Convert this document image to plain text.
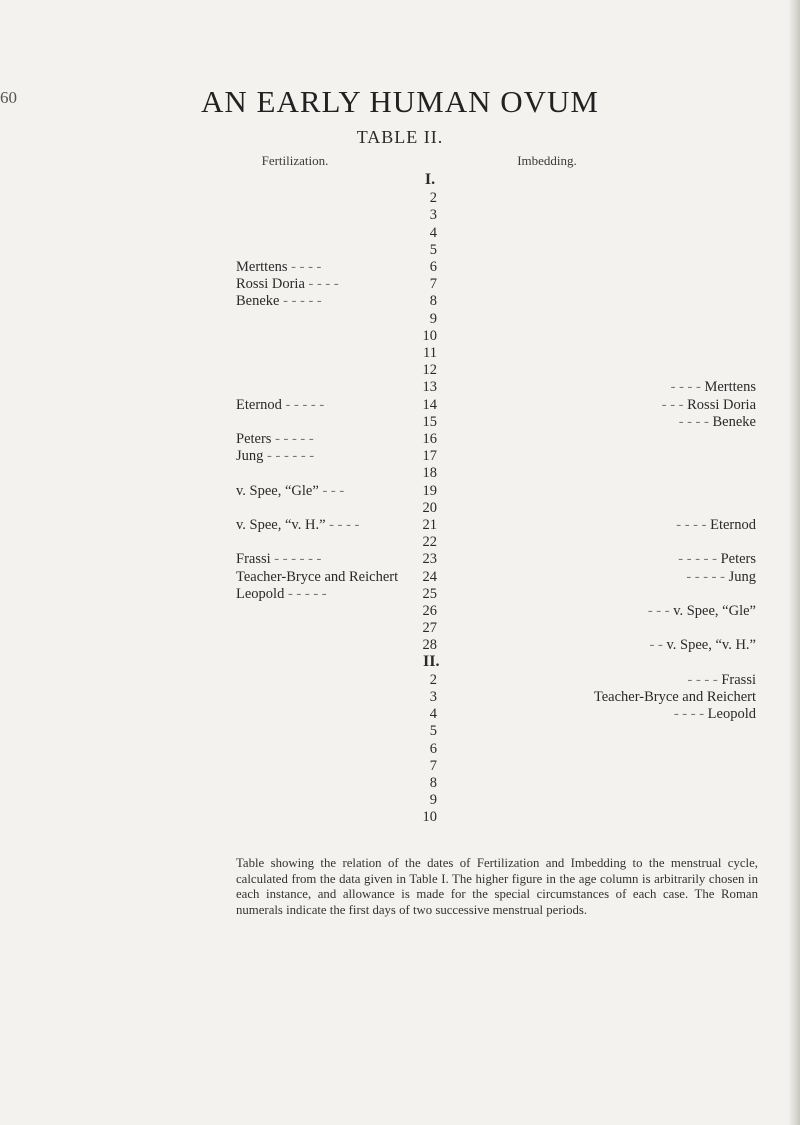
60	AN EARLY HUMAN OVUM
TABLE II.
Fertilization.	Imbedding.
I.
II.
2
3
4
5
6
7
8
9
10
11
12
13
14
15
16
17
18
19
20
21
22
23
24
25
26
27
28
2
3
4
5
6
7
8
9
10
Merttens - - - -
Rossi Doria - - - -
Beneke - - - - -
Eternod - - - - -
Peters - - - - -
Jung - - - - - -
v. Spee, “Gle” - - -
v. Spee, “v. H.” - - - -
Frassi - - - - - -
Teacher-Bryce and Reichert
Leopold - - - - -
- - - - Merttens
- - - Rossi Doria
- - - - Beneke
- - - - Eternod
- - - - - Peters
- - - - - Jung
- - - v. Spee, “Gle”
- - v. Spee, “v. H.”
- - - - Frassi
Teacher-Bryce and Reichert
- - - - Leopold
Table showing the relation of the dates of Fertilization and Imbedding to the menstrual cycle, calculated from the data given in Table I. The higher figure in the age column is arbitrarily chosen in each instance, and allowance is made for the special circumstances of each case. The Roman numerals indicate the first days of two successive menstrual periods.
